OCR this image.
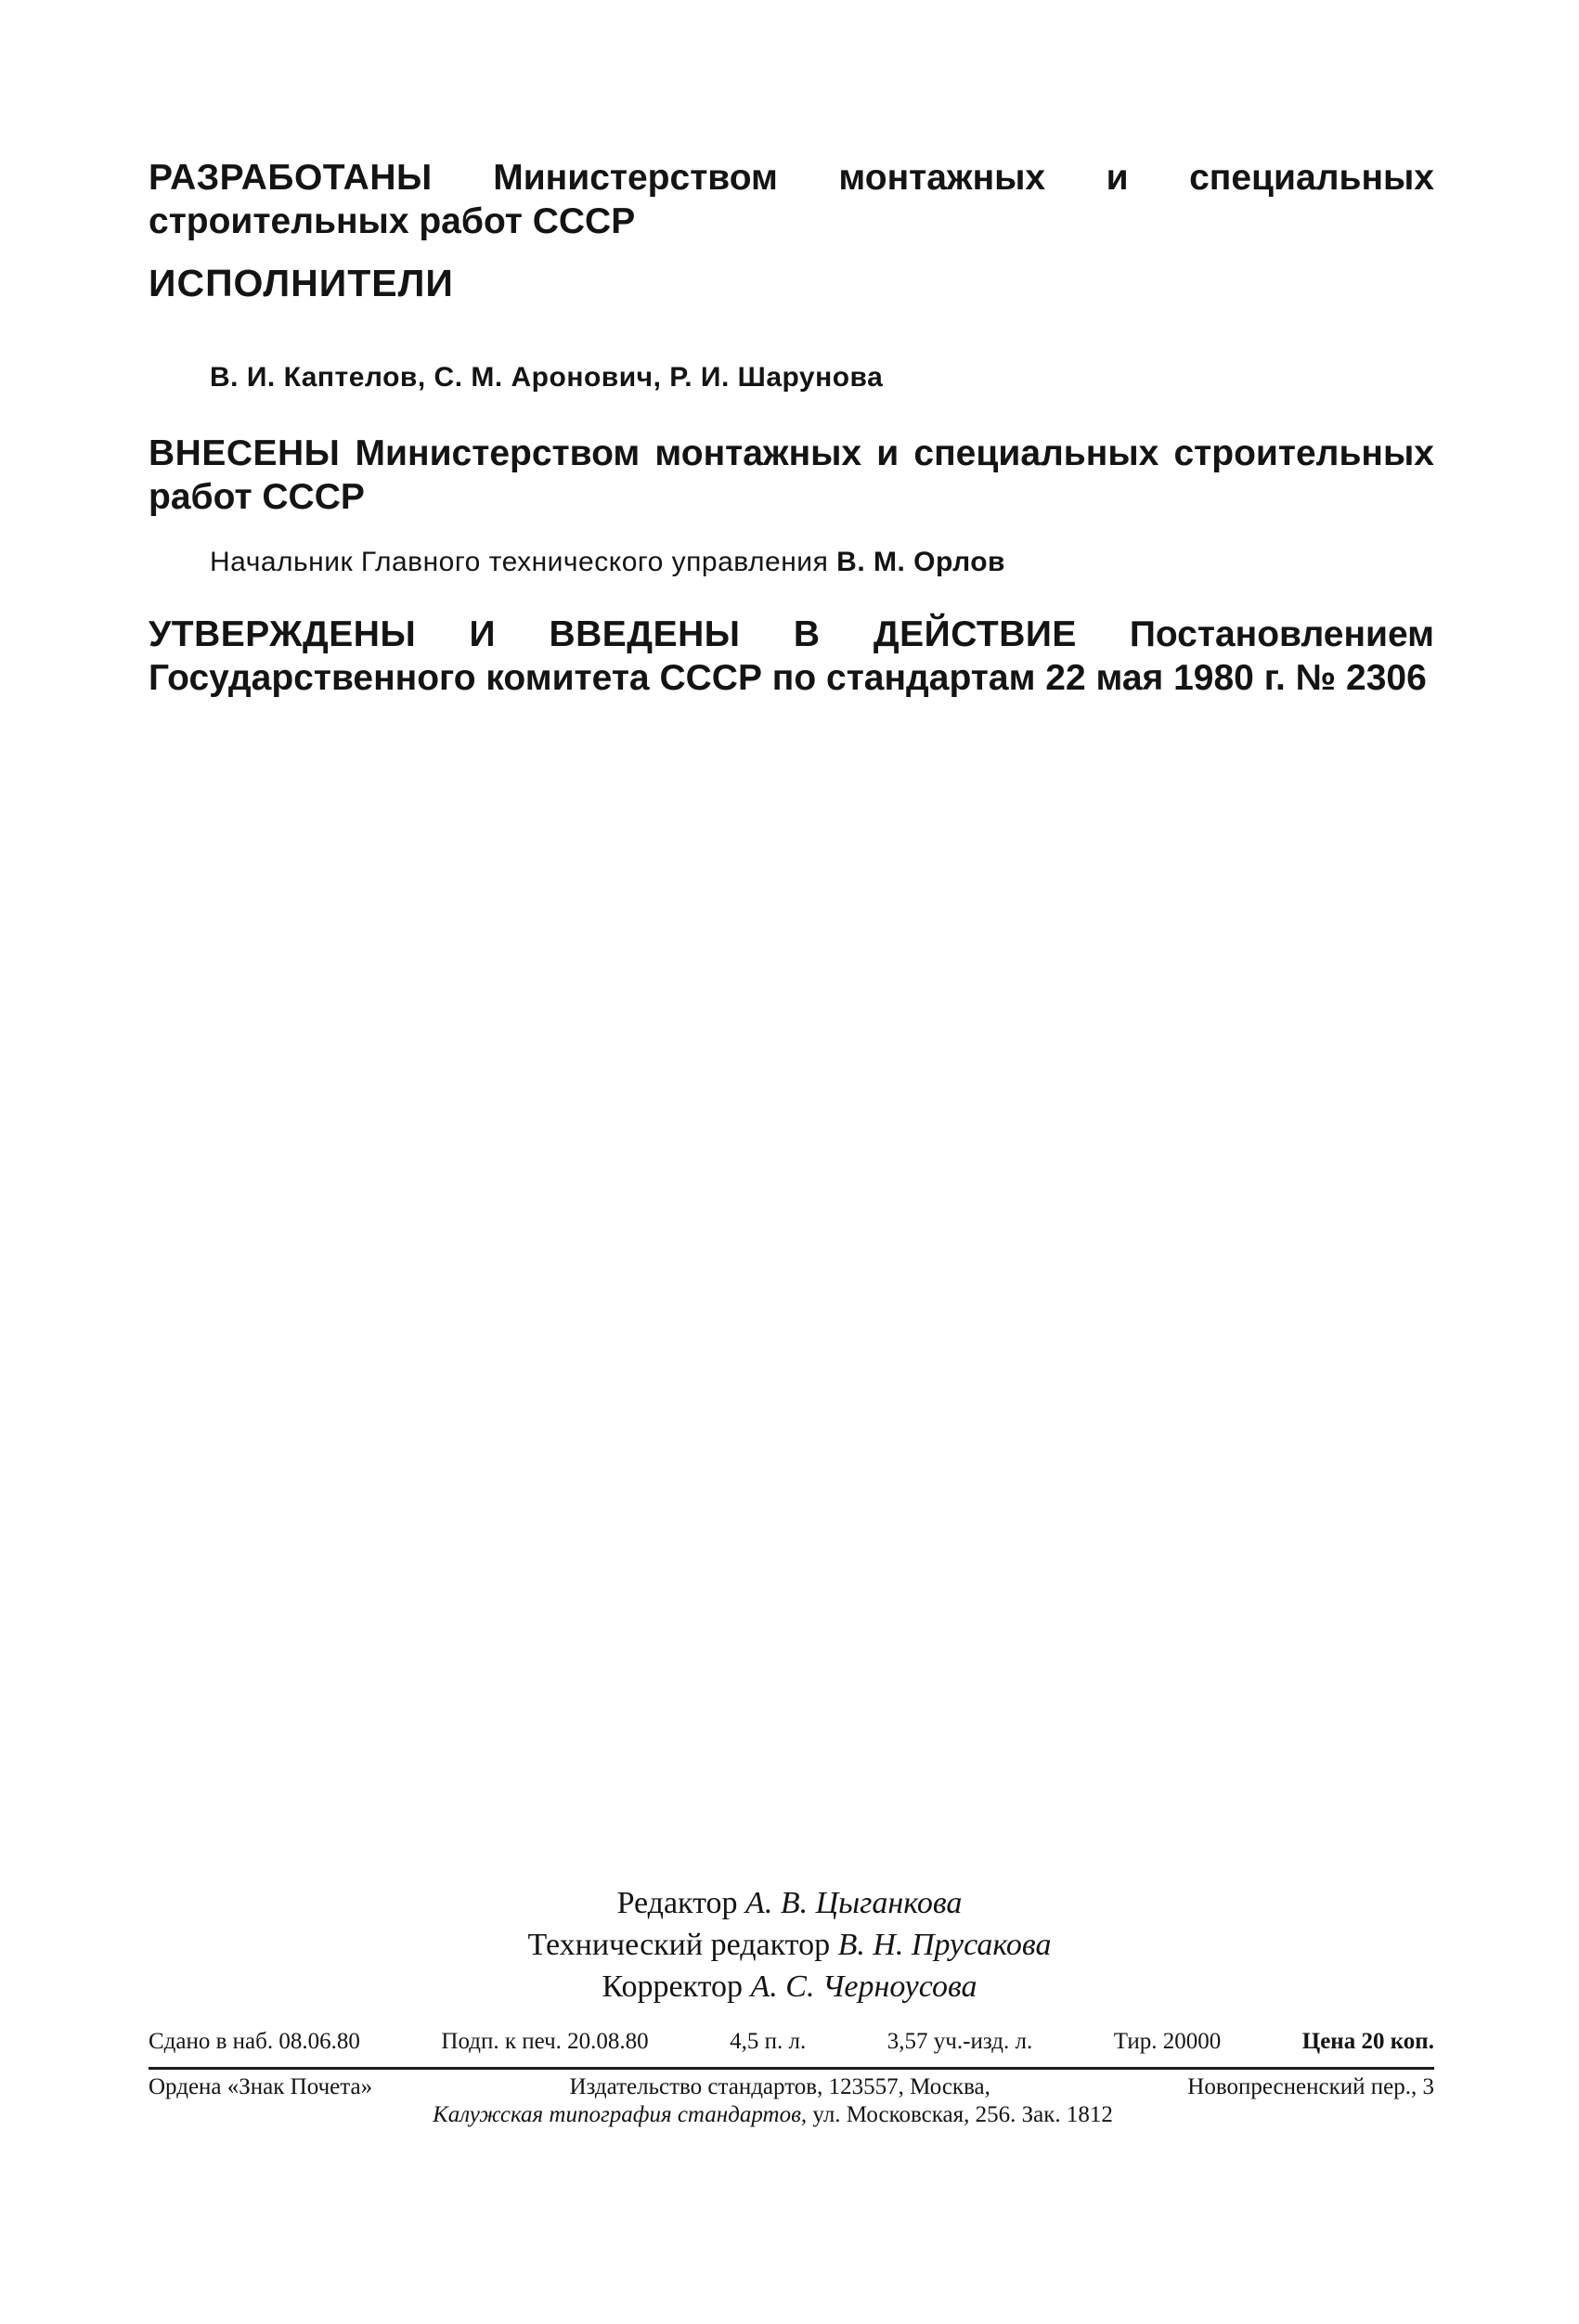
РАЗРАБОТАНЫ Министерством монтажных и специальных строительных работ СССР
ИСПОЛНИТЕЛИ
В. И. Каптелов, С. М. Аронович, Р. И. Шарунова
ВНЕСЕНЫ Министерством монтажных и специальных строительных работ СССР
Начальник Главного технического управления В. М. Орлов
УТВЕРЖДЕНЫ И ВВЕДЕНЫ В ДЕЙСТВИЕ Постановлением Государственного комитета СССР по стандартам 22 мая 1980 г. № 2306
Редактор А. В. Цыганкова
Технический редактор В. Н. Прусакова
Корректор А. С. Черноусова
Сдано в наб. 08.06.80	Подп. к печ. 20.08.80	4,5 п. л.	3,57 уч.-изд. л.	Тир. 20000	Цена 20 коп.
Ордена «Знак Почета»	Издательство стандартов, 123557, Москва,	Новопресненский пер., 3
Калужская типография стандартов, ул. Московская, 256. Зак. 1812
